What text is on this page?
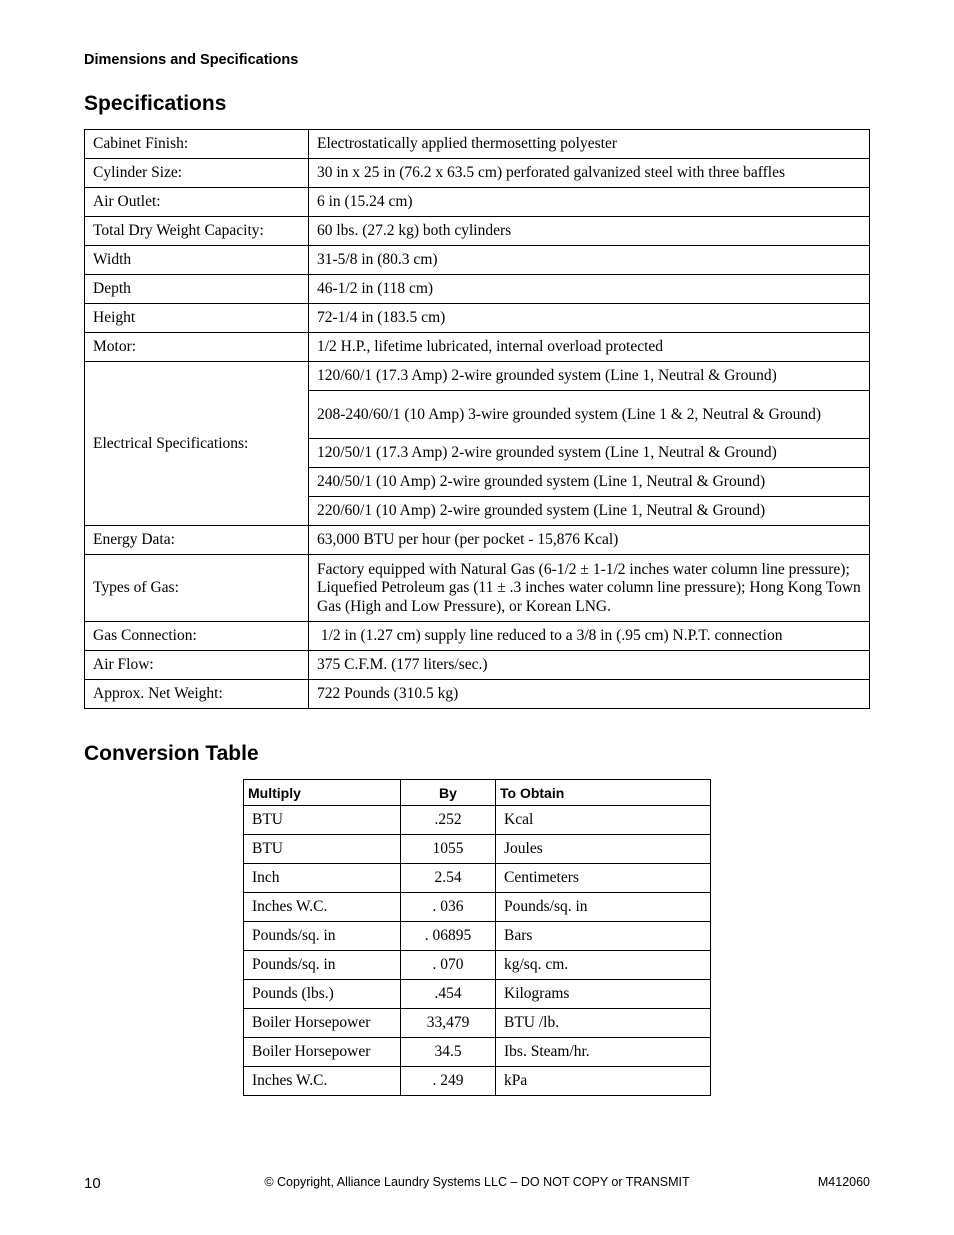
Dimensions and Specifications
Specifications
Cabinet Finish:	Electrostatically applied thermosetting polyester
Cylinder Size:	30 in x 25 in (76.2 x 63.5 cm) perforated galvanized steel with three baffles
Air Outlet:	6 in (15.24 cm)
Total Dry Weight Capacity:	60 lbs. (27.2 kg) both cylinders
Width	31-5/8 in (80.3 cm)
Depth	46-1/2 in (118 cm)
Height	72-1/4 in (183.5 cm)
Motor:	1/2 H.P., lifetime lubricated, internal overload protected
Electrical Specifications:	120/60/1 (17.3 Amp) 2-wire grounded system (Line 1, Neutral & Ground)
	208-240/60/1 (10 Amp) 3-wire grounded system (Line 1 & 2, Neutral & Ground)
	120/50/1 (17.3 Amp) 2-wire grounded system (Line 1, Neutral & Ground)
	240/50/1 (10 Amp) 2-wire grounded system (Line 1, Neutral & Ground)
	220/60/1 (10 Amp) 2-wire grounded system (Line 1, Neutral & Ground)
Energy Data:	63,000 BTU per hour (per pocket - 15,876 Kcal)
Types of Gas:	Factory equipped with Natural Gas (6-1/2 ± 1-1/2 inches water column line pressure); Liquefied Petroleum gas (11 ± .3 inches water column line pressure); Hong Kong Town Gas (High and Low Pressure), or Korean LNG.
Gas Connection:	1/2 in (1.27 cm) supply line reduced to a 3/8 in (.95 cm) N.P.T. connection
Air Flow:	375 C.F.M. (177 liters/sec.)
Approx. Net Weight:	722 Pounds (310.5 kg)
Conversion Table
Multiply	By	To Obtain
BTU	.252	Kcal
BTU	1055	Joules
Inch	2.54	Centimeters
Inches W.C.	. 036	Pounds/sq. in
Pounds/sq. in	. 06895	Bars
Pounds/sq. in	. 070	kg/sq. cm.
Pounds (lbs.)	.454	Kilograms
Boiler Horsepower	33,479	BTU /lb.
Boiler Horsepower	34.5	Ibs. Steam/hr.
Inches W.C.	. 249	kPa
10	© Copyright, Alliance Laundry Systems LLC – DO NOT COPY or TRANSMIT	M412060
